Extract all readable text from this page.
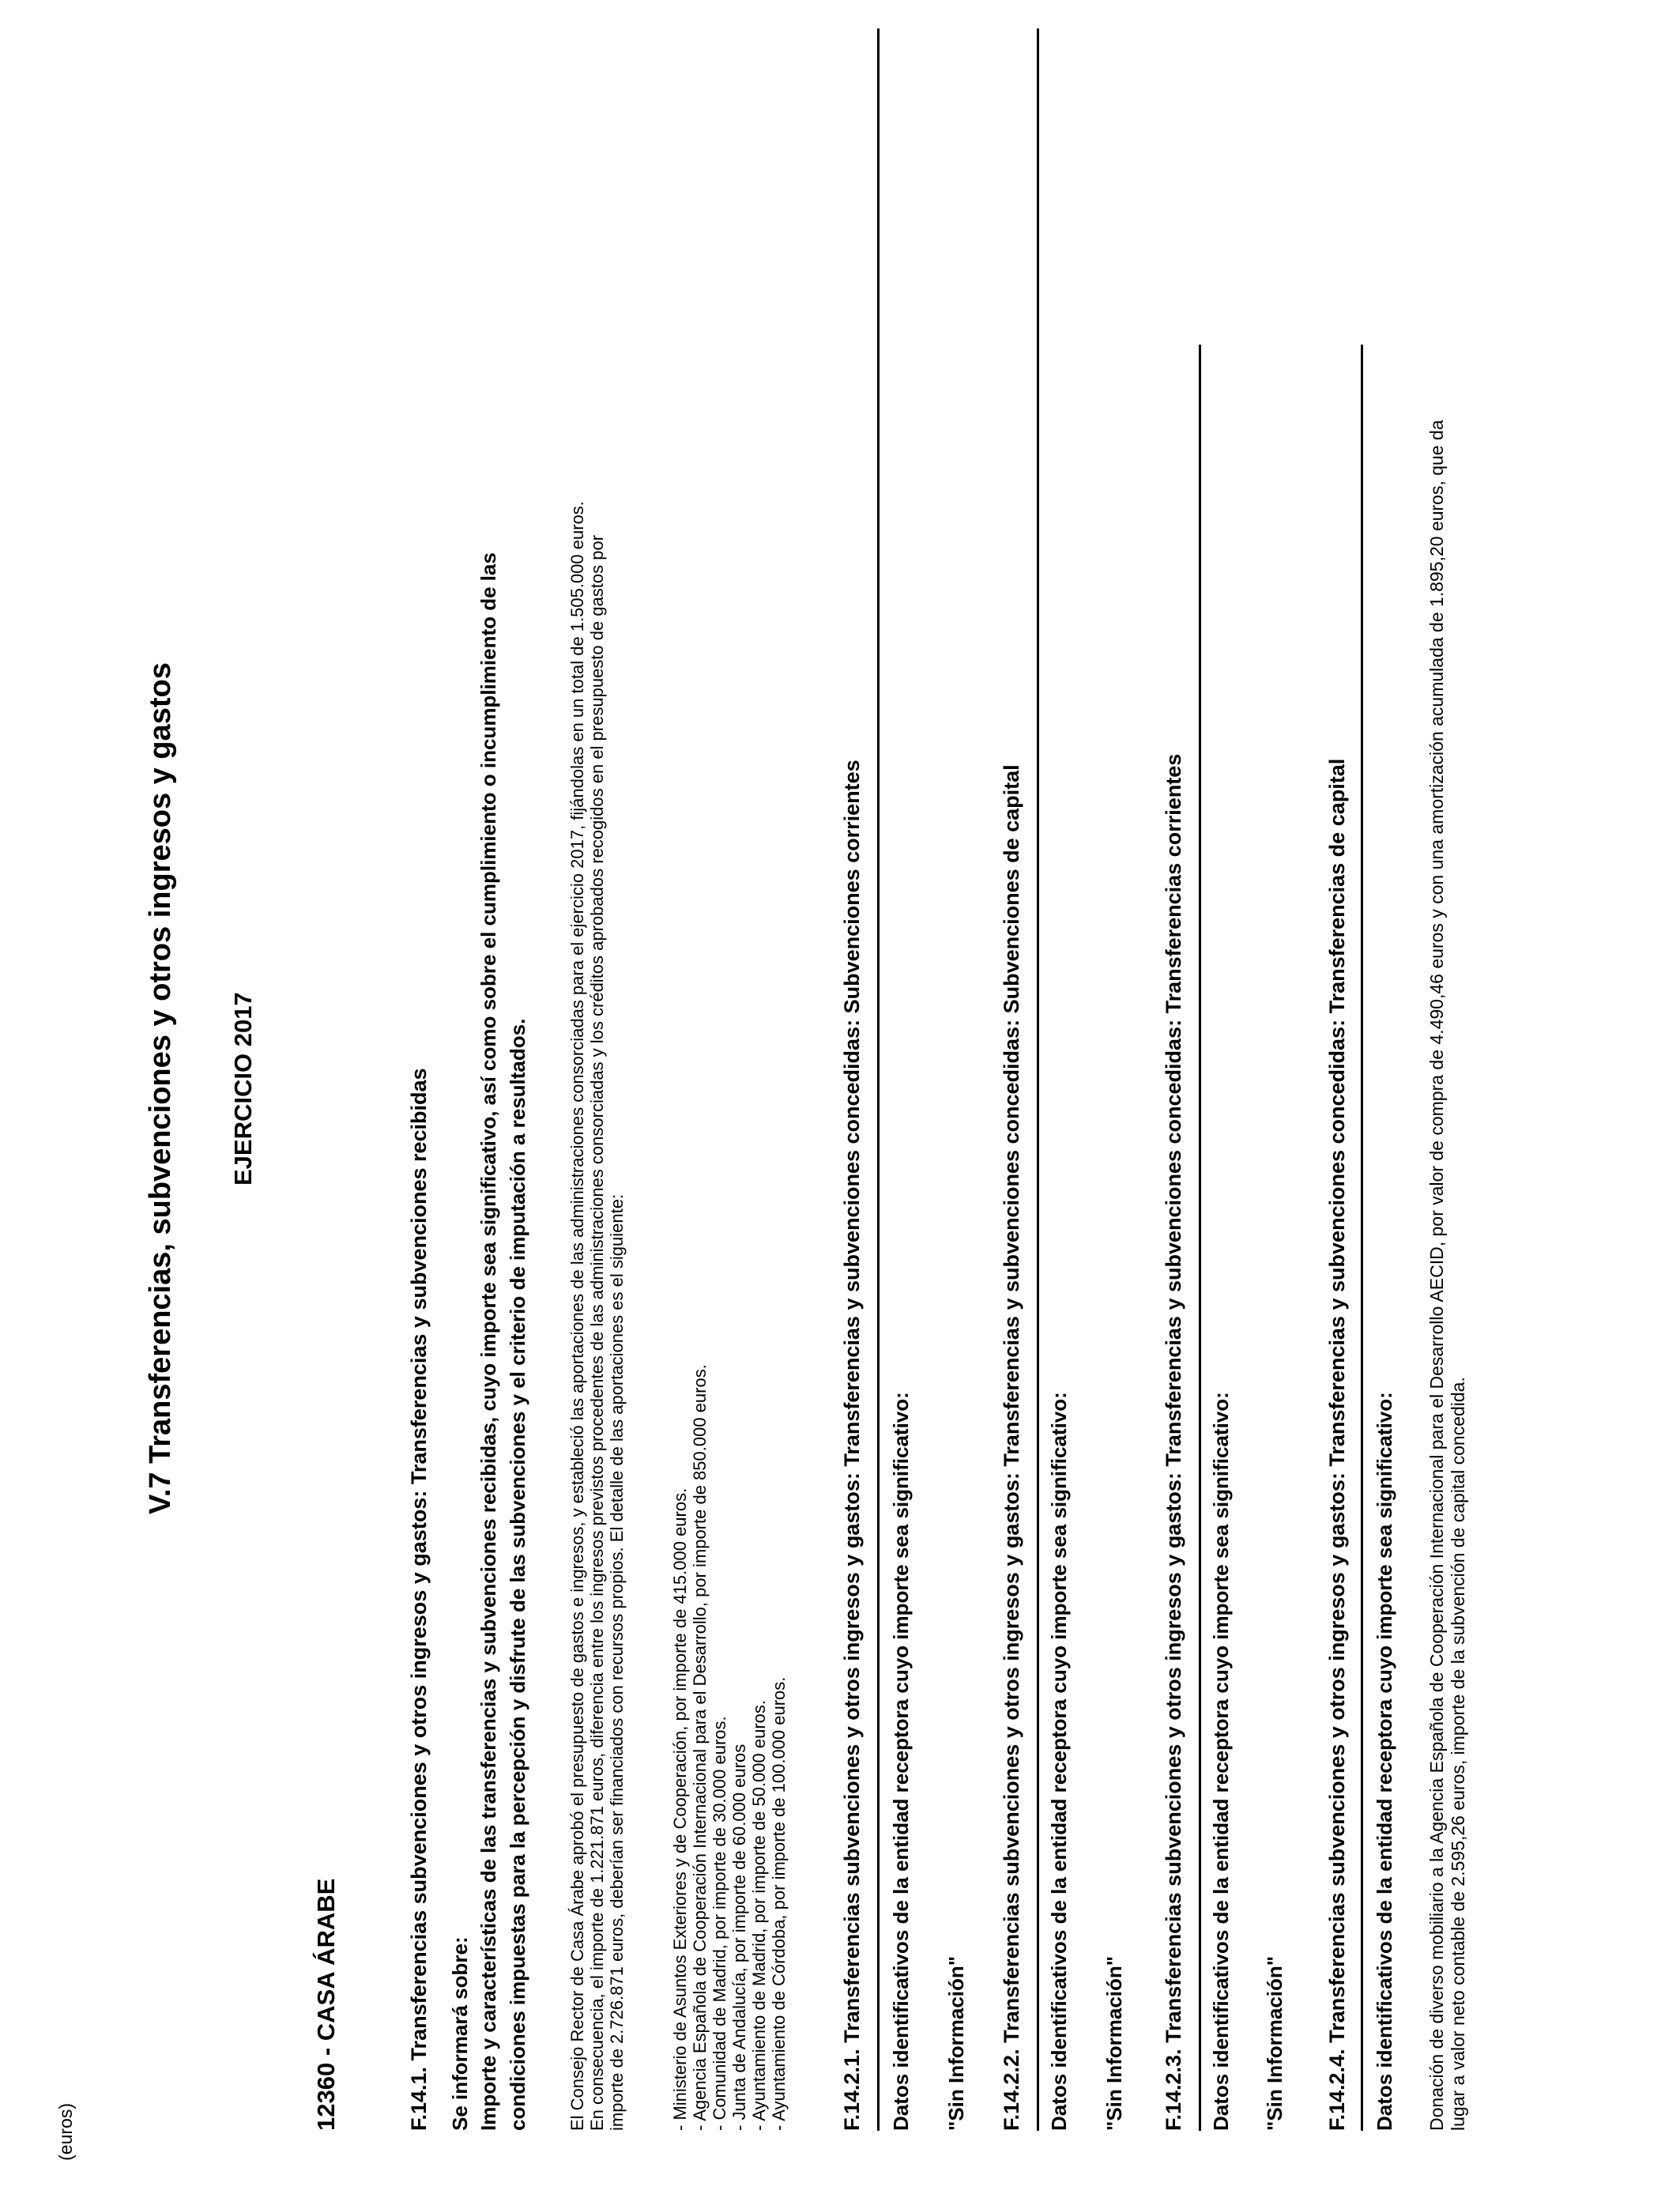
(euros)
V.7 Transferencias, subvenciones y otros ingresos y gastos EJERCICIO 2017
12360 - CASA ÁRABE	F.14.1. Transferencias subvenciones y otros ingresos y gastos: Transferencias y subvenciones recibidas Se informará sobre: Importe y características de las transferencias y subvenciones recibidas, cuyo importe sea significativo, así como sobre el cumplimiento o incumplimiento de las condiciones impuestas para la percepción y disfrute de las subvenciones y el criterio de imputación a resultados. El Consejo Rector de Casa Árabe aprobó el presupuesto de gastos e ingresos, y estableció las aportaciones de las administraciones consorciadas para el ejercicio 2017, fijándolas en un total de 1.505.000 euros. En consecuencia, el importe de 1.221.871 euros, diferencia entre los ingresos previstos procedentes de las administraciones consorciadas y los créditos aprobados recogidos en el presupuesto de gastos por importe de 2.726.871 euros, deberían ser financiados con recursos propios. El detalle de las aportaciones es el siguiente:	- Ministerio de Asuntos Exteriores y de Cooperación, por importe de 415.000 euros. - Agencia Española de Cooperación Internacional para el Desarrollo, por importe de 850.000 euros. - Comunidad de Madrid, por importe de 30.000 euros. - Junta de Andalucía, por importe de 60.000 euros - Ayuntamiento de Madrid, por importe de 50.000 euros. - Ayuntamiento de Córdoba, por importe de 100.000 euros. F.14.2.1. Transferencias subvenciones y otros ingresos y gastos: Transferencias y subvenciones concedidas: Subvenciones corrientes Datos identificativos de la entidad receptora cuyo importe sea significativo: "Sin Información" F.14.2.2. Transferencias subvenciones y otros ingresos y gastos: Transferencias y subvenciones concedidas: Subvenciones de capital Datos identificativos de la entidad receptora cuyo importe sea significativo: "Sin Información" F.14.2.3. Transferencias subvenciones y otros ingresos y gastos: Transferencias y subvenciones concedidas: Transferencias corrientes Datos identificativos de la entidad receptora cuyo importe sea significativo: "Sin Información" F.14.2.4. Transferencias subvenciones y otros ingresos y gastos: Transferencias y subvenciones concedidas: Transferencias de capital Datos identificativos de la entidad receptora cuyo importe sea significativo: Donación de diverso mobiliario a la Agencia Española de Cooperación Internacional para el Desarrollo AECID, por valor de compra de 4.490,46 euros y con una amortización acumulada de 1.895,20 euros, que da lugar a valor neto contable de 2.595,26 euros, importe de la subvención de capital concedida.
